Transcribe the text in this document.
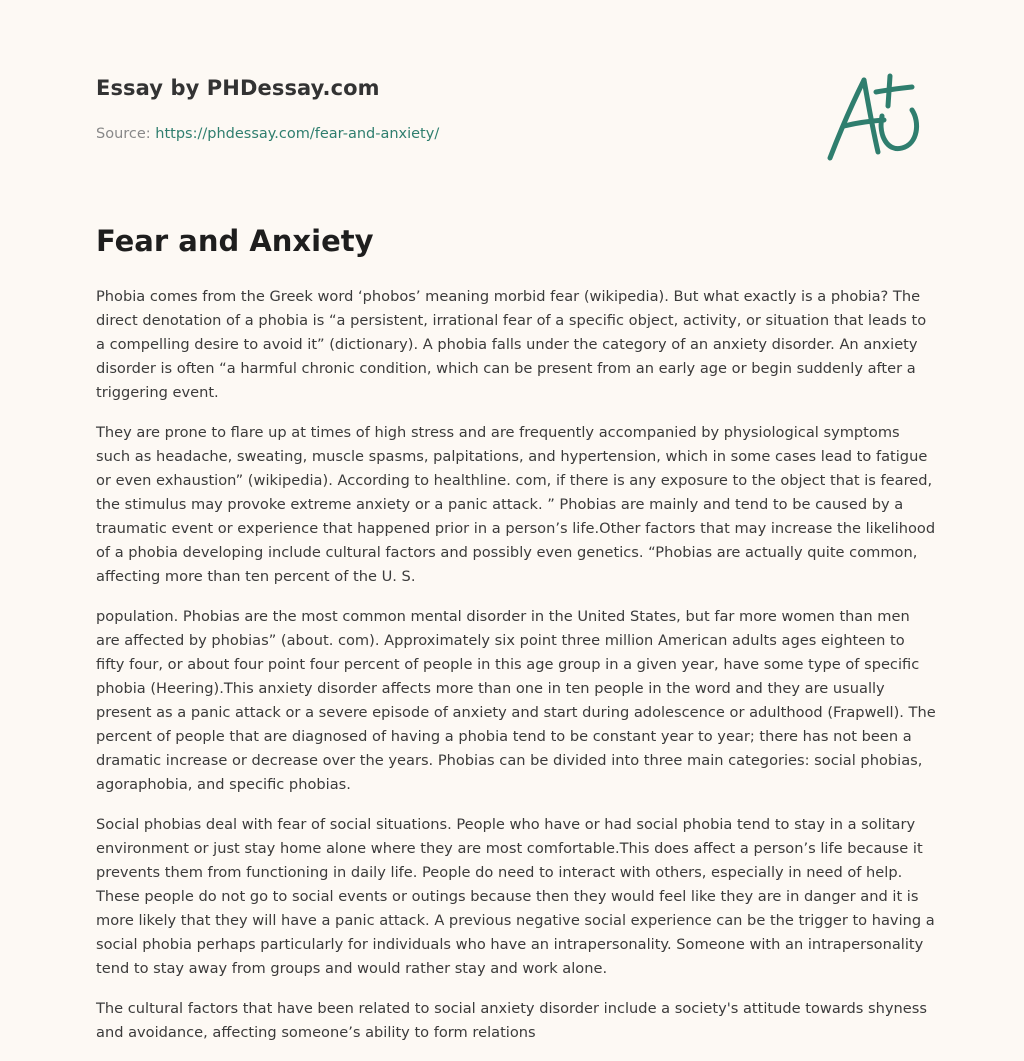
Essay by PHDessay.com
Source: https://phdessay.com/fear-and-anxiety/
Fear and Anxiety

Phobia comes from the Greek word ‘phobos’ meaning morbid fear (wikipedia). But what exactly is a phobia? The direct denotation of a phobia is “a persistent, irrational fear of a specific object, activity, or situation that leads to a compelling desire to avoid it” (dictionary). A phobia falls under the category of an anxiety disorder. An anxiety disorder is often “a harmful chronic condition, which can be present from an early age or begin suddenly after a triggering event.

They are prone to flare up at times of high stress and are frequently accompanied by physiological symptoms such as headache, sweating, muscle spasms, palpitations, and hypertension, which in some cases lead to fatigue or even exhaustion” (wikipedia). According to healthline. com, if there is any exposure to the object that is feared, the stimulus may provoke extreme anxiety or a panic attack. ” Phobias are mainly and tend to be caused by a traumatic event or experience that happened prior in a person’s life.Other factors that may increase the likelihood of a phobia developing include cultural factors and possibly even genetics. “Phobias are actually quite common, affecting more than ten percent of the U. S.

population. Phobias are the most common mental disorder in the United States, but far more women than men are affected by phobias” (about. com). Approximately six point three million American adults ages eighteen to fifty four, or about four point four percent of people in this age group in a given year, have some type of specific phobia (Heering).This anxiety disorder affects more than one in ten people in the word and they are usually present as a panic attack or a severe episode of anxiety and start during adolescence or adulthood (Frapwell). The percent of people that are diagnosed of having a phobia tend to be constant year to year; there has not been a dramatic increase or decrease over the years. Phobias can be divided into three main categories: social phobias, agoraphobia, and specific phobias.

Social phobias deal with fear of social situations. People who have or had social phobia tend to stay in a solitary environment or just stay home alone where they are most comfortable.This does affect a person’s life because it prevents them from functioning in daily life. People do need to interact with others, especially in need of help. These people do not go to social events or outings because then they would feel like they are in danger and it is more likely that they will have a panic attack. A previous negative social experience can be the trigger to having a social phobia perhaps particularly for individuals who have an intrapersonality. Someone with an intrapersonality tend to stay away from groups and would rather stay and work alone.

The cultural factors that have been related to social anxiety disorder include a society's attitude towards shyness and avoidance, affecting someone’s ability to form relations
